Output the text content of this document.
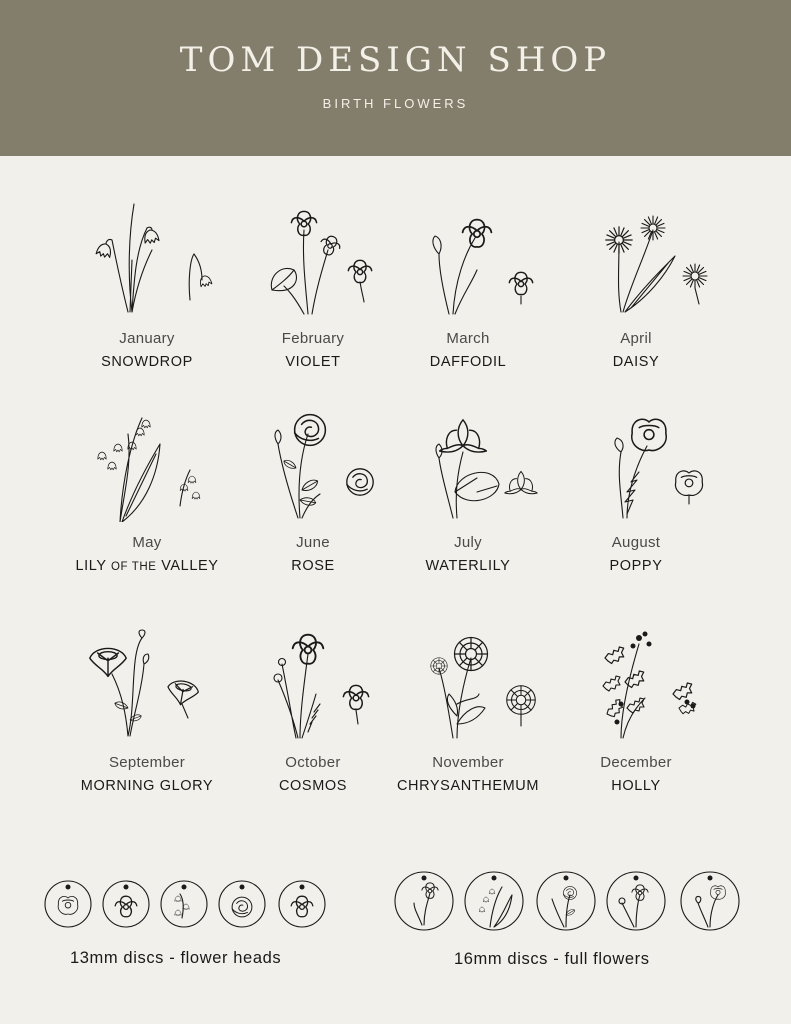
TOM DESIGN SHOP
BIRTH FLOWERS
January
SNOWDROP
February
VIOLET
March
DAFFODIL
April
DAISY
May
LILY OF THE VALLEY
June
ROSE
July
WATERLILY
August
POPPY
September
MORNING GLORY
October
COSMOS
November
CHRYSANTHEMUM
December
HOLLY
13mm discs - flower heads	16mm discs - full flowers
